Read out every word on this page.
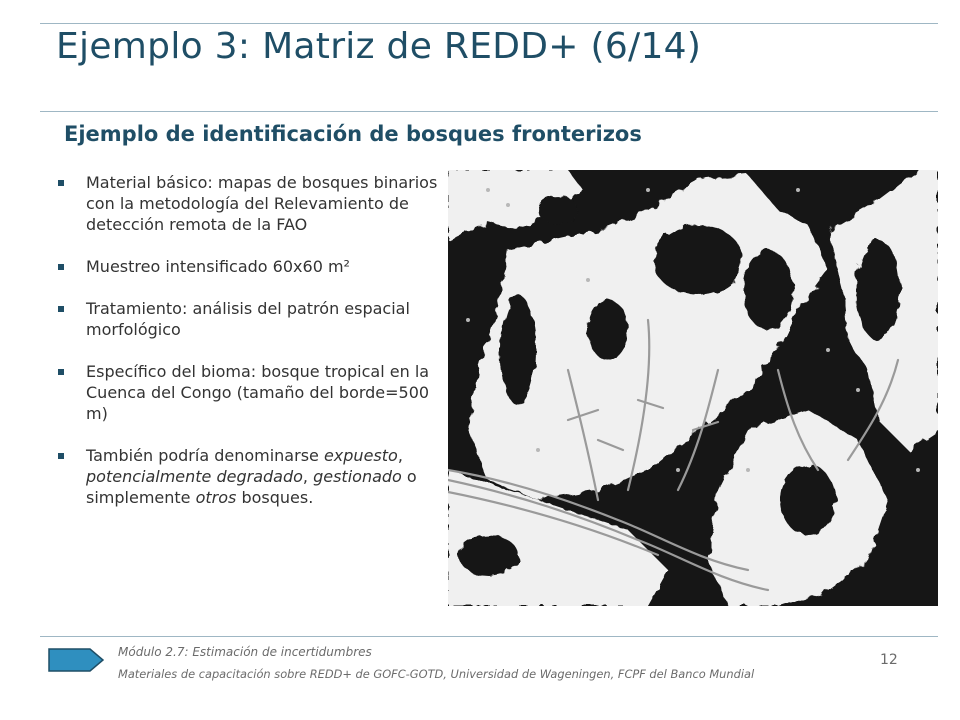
Ejemplo 3: Matriz de REDD+ (6/14)
Ejemplo de identificación de bosques fronterizos
Material básico: mapas de bosques binarios con la metodología del Relevamiento de detección remota de la FAO
Muestreo intensificado 60x60 m²
Tratamiento: análisis del patrón espacial morfológico
Específico del bioma: bosque tropical en la Cuenca del Congo (tamaño del borde=500 m)
También podría denominarse expuesto, potencialmente degradado, gestionado o simplemente otros bosques.
Módulo 2.7: Estimación de incertidumbres
Materiales de capacitación sobre REDD+ de GOFC-GOTD, Universidad de Wageningen, FCPF del Banco Mundial
12
